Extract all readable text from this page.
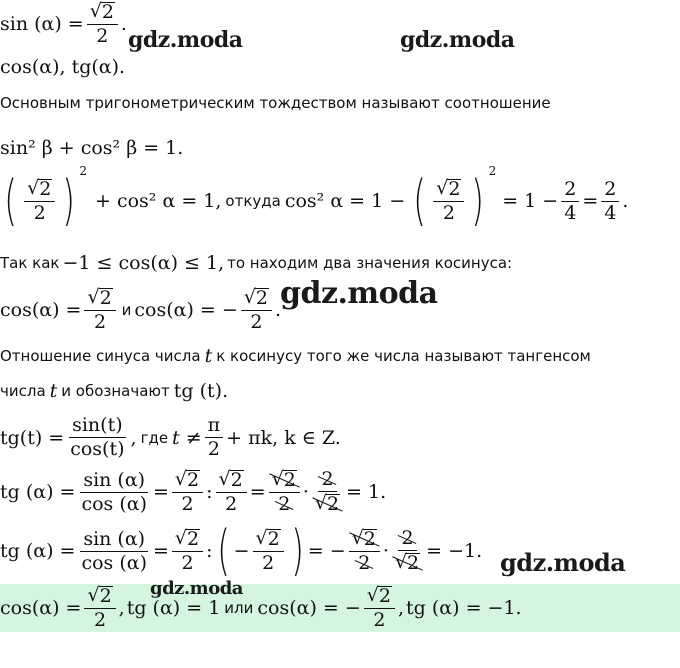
$\sin (\alpha) = \frac{√ 2}{2}$ .
gdz.moda	gdz.moda
cos(α), tg(α).
Основным тригонометрическим тождеством называют соотношение
sin² β + cos² β = 1.
( √ 2
2 ) $^2$
+ cos² α = 1, откуда cos² α = 1 − ( √ 2
2 ) $^2$
= $1 - \frac{2}{4} = \frac{2}{4}$ .
Так как −1 ≤ cos(α) ≤ 1, то находим два значения косинуса:
$\cos(\alpha) = \frac{√ 2}{2}$ и cos(α) = − $\frac{√ 2}{2}$ .
gdz.moda
Отношение синуса числа t к косинусу того же числа называют тангенсом
числа t и обозначают tg (t).
$tg(t) = \frac{\sin(t)}{\cos(t)}$ , где t ≠
π
2
+ πk, k ∈ Z.
tg $(\alpha) = \frac{\sin (\alpha)}{\cos (\alpha)} = \frac{√ 2}{2}$ : $\frac{√ 2}{2} = \frac{√ 2}{2} \cdot \frac{2}{√ 2} = 1$.
tg $(\alpha) = \frac{\sin (\alpha)}{\cos (\alpha)} = \frac{√ 2}{2}$ : ( − $\frac{√ 2}{2}$ ) = − $\frac{√ 2}{2} \cdot \frac{2}{√ 2} = -1$. gdz.moda
gdz.moda
$\cos(\alpha) = \frac{√ 2}{2}$ , tg (α) = 1 или cos(α) = − $\frac{√ 2}{2}$ , tg (α) = −1.
